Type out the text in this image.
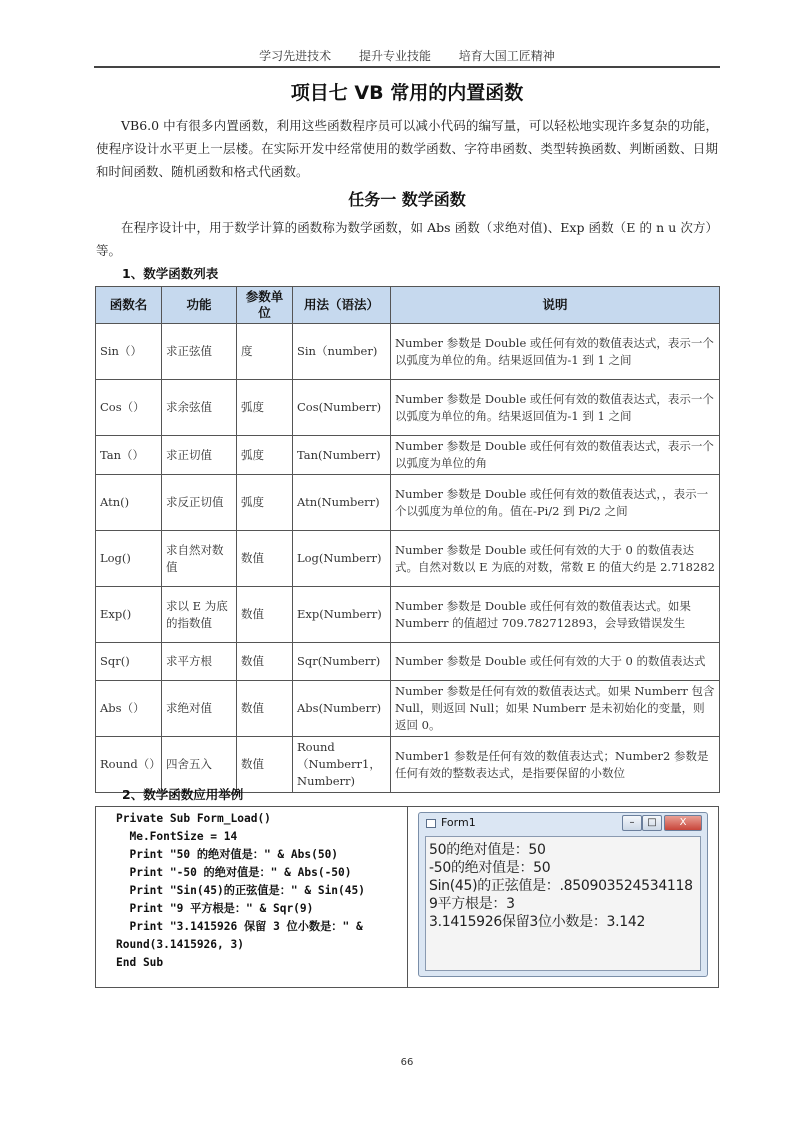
学习先进技术 提升专业技能 培育大国工匠精神
项目七 VB 常用的内置函数

VB6.0 中有很多内置函数，利用这些函数程序员可以减小代码的编写量，可以轻松地实现许多复杂的功能，使程序设计水平更上一层楼。在实际开发中经常使用的数学函数、字符串函数、类型转换函数、判断函数、日期和时间函数、随机函数和格式代函数。

任务一 数学函数

在程序设计中，用于数学计算的函数称为数学函数，如 Abs 函数（求绝对值)、Exp 函数（E 的 n u 次方）等。

1、数学函数列表
函数名	功能	参数单位	用法（语法）	说明
Sin（）	求正弦值	度	Sin（number)	Number 参数是 Double 或任何有效的数值表达式，表示一个以弧度为单位的角。结果返回值为-1 到 1 之间
Cos（）	求余弦值	弧度	Cos(Numberr)	Number 参数是 Double 或任何有效的数值表达式，表示一个以弧度为单位的角。结果返回值为-1 到 1 之间
Tan（）	求正切值	弧度	Tan(Numberr)	Number 参数是 Double 或任何有效的数值表达式，表示一个以弧度为单位的角
Atn()	求反正切值	弧度	Atn(Numberr)	Number 参数是 Double 或任何有效的数值表达式，，表示一个以弧度为单位的角。值在-Pi/2 到 Pi/2 之间
Log()	求自然对数值	数值	Log(Numberr)	Number 参数是 Double 或任何有效的大于 0 的数值表达式。自然对数以 E 为底的对数，常数 E 的值大约是 2.718282
Exp()	求以 E 为底的指数值	数值	Exp(Numberr)	Number 参数是 Double 或任何有效的数值表达式。如果 Numberr 的值超过 709.782712893，会导致错误发生
Sqr()	求平方根	数值	Sqr(Numberr)	Number 参数是 Double 或任何有效的大于 0 的数值表达式
Abs（）	求绝对值	数值	Abs(Numberr)	Number 参数是任何有效的数值表达式。如果 Numberr 包含 Null，则返回 Null；如果 Numberr 是未初始化的变量，则返回 0。
Round（）	四舍五入	数值	Round（Numberr1，Numberr)	Number1 参数是任何有效的数值表达式；Number2 参数是任何有效的整数表达式，是指要保留的小数位
2、数学函数应用举例
Private Sub Form_Load()
Me.FontSize = 14
Print "50 的绝对值是：" & Abs(50)
Print "-50 的绝对值是：" & Abs(-50)
Print "Sin(45)的正弦值是：" & Sin(45)
Print "9 平方根是：" & Sqr(9)
Print "3.1415926 保留 3 位小数是：" &
Round(3.1415926, 3)
End Sub
Form1	–	□	X
50的绝对值是：50
-50的绝对值是：50
Sin(45)的正弦值是：.850903524534118
9平方根是：3
3.1415926保留3位小数是：3.142
66
